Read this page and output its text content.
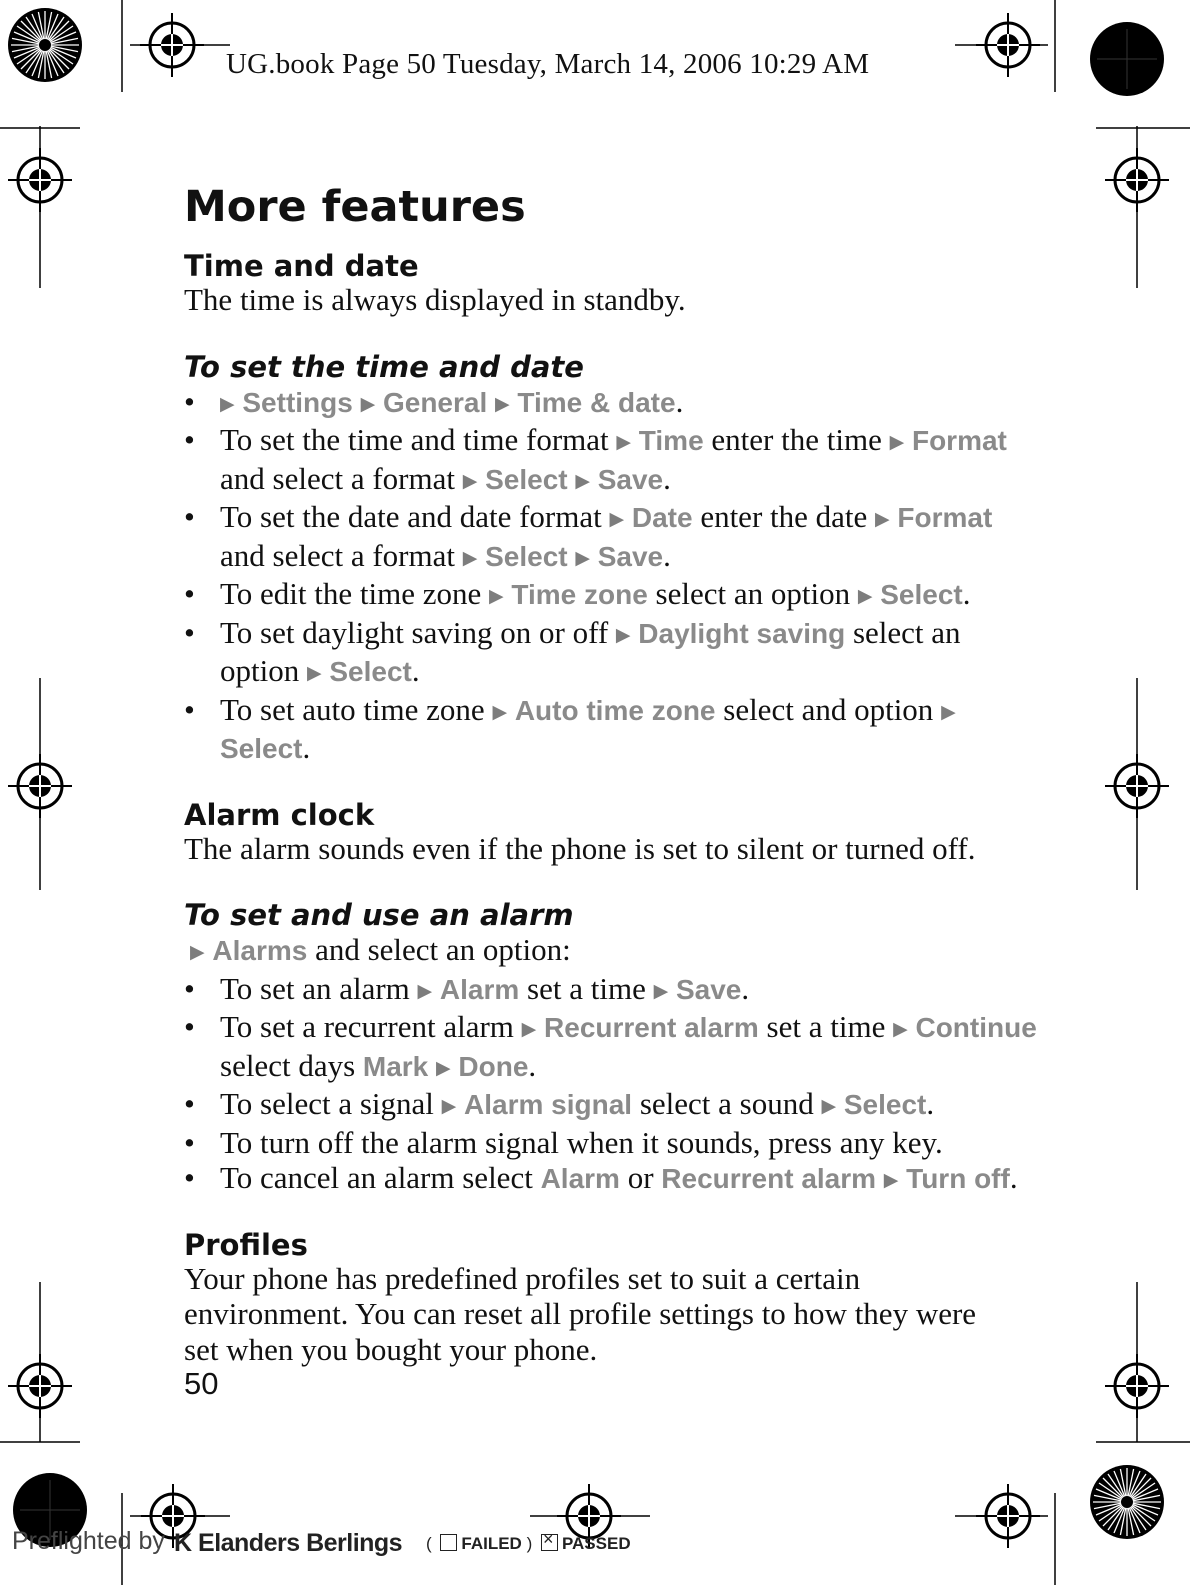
UG.book Page 50 Tuesday, March 14, 2006 10:29 AM
More features
Time and date

The time is always displayed in standby.

To set the time and date
• ▶ Settings ▶ General ▶ Time & date.
• To set the time and time format ▶ Time enter the time ▶ Format and select a format ▶ Select ▶ Save.
• To set the date and date format ▶ Date enter the date ▶ Format and select a format ▶ Select ▶ Save.
• To edit the time zone ▶ Time zone select an option ▶ Select.
• To set daylight saving on or off ▶ Daylight saving select an option ▶ Select.
• To set auto time zone ▶ Auto time zone select and option ▶ Select.
Alarm clock

The alarm sounds even if the phone is set to silent or turned off.

To set and use an alarm

▶ Alarms and select an option:

• To set an alarm ▶ Alarm set a time ▶ Save.
• To set a recurrent alarm ▶ Recurrent alarm set a time ▶ Continue select days Mark ▶ Done.
• To select a signal ▶ Alarm signal select a sound ▶ Select.
• To turn off the alarm signal when it sounds, press any key.
• To cancel an alarm select Alarm or Recurrent alarm ▶ Turn off.
Profiles

Your phone has predefined profiles set to suit a certain environment. You can reset all profile settings to how they were set when you bought your phone.

50
Preflighted by K Elanders Berlings ( FAILED ) ×PASSED
